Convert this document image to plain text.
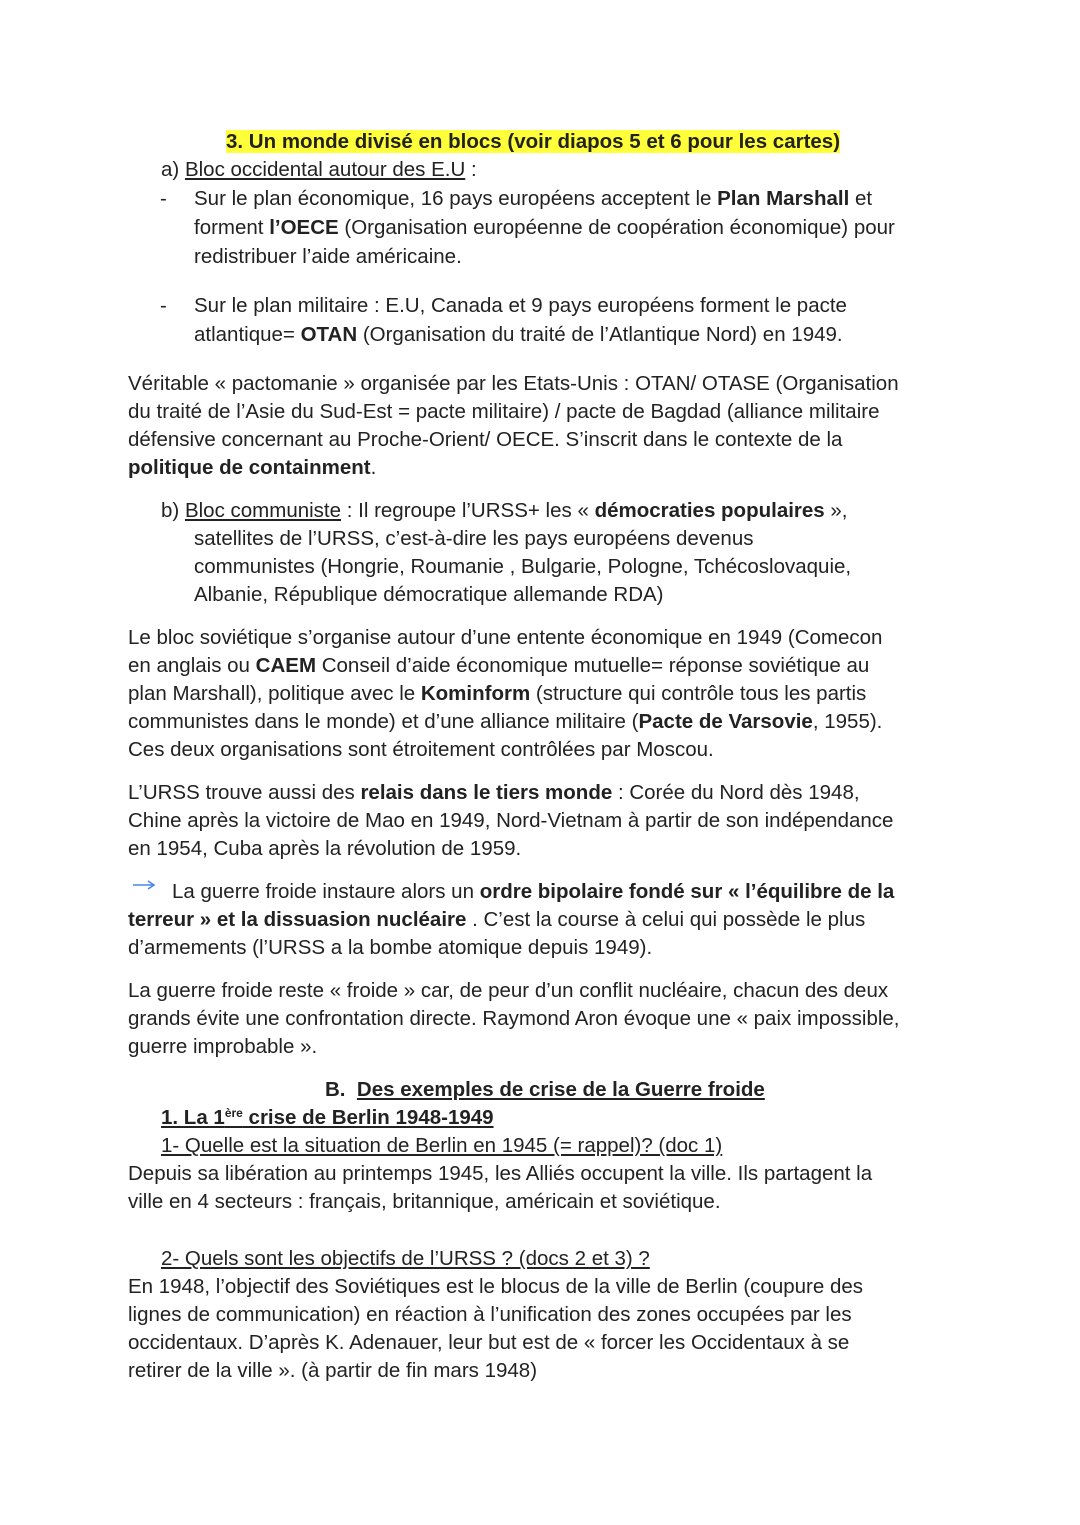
3. Un monde divisé en blocs (voir diapos 5 et 6 pour les cartes)
a) Bloc occidental autour des E.U :
- Sur le plan économique, 16 pays européens acceptent le Plan Marshall et
forment l’OECE (Organisation européenne de coopération économique) pour
redistribuer l’aide américaine.
- Sur le plan militaire : E.U, Canada et 9 pays européens forment le pacte
atlantique= OTAN (Organisation du traité de l’Atlantique Nord) en 1949.
Véritable « pactomanie » organisée par les Etats-Unis : OTAN/ OTASE (Organisation
du traité de l’Asie du Sud-Est = pacte militaire) / pacte de Bagdad (alliance militaire
défensive concernant au Proche-Orient/ OECE. S’inscrit dans le contexte de la
politique de containment.
b) Bloc communiste : Il regroupe l’URSS+ les « démocraties populaires »,
satellites de l’URSS, c’est-à-dire les pays européens devenus
communistes (Hongrie, Roumanie , Bulgarie, Pologne, Tchécoslovaquie,
Albanie, République démocratique allemande RDA)
Le bloc soviétique s’organise autour d’une entente économique en 1949 (Comecon
en anglais ou CAEM Conseil d’aide économique mutuelle= réponse soviétique au
plan Marshall), politique avec le Kominform (structure qui contrôle tous les partis
communistes dans le monde) et d’une alliance militaire (Pacte de Varsovie, 1955).
Ces deux organisations sont étroitement contrôlées par Moscou.
L’URSS trouve aussi des relais dans le tiers monde : Corée du Nord dès 1948,
Chine après la victoire de Mao en 1949, Nord-Vietnam à partir de son indépendance
en 1954, Cuba après la révolution de 1959.
La guerre froide instaure alors un ordre bipolaire fondé sur « l’équilibre de la
terreur » et la dissuasion nucléaire . C’est la course à celui qui possède le plus
d’armements (l’URSS a la bombe atomique depuis 1949).
La guerre froide reste « froide » car, de peur d’un conflit nucléaire, chacun des deux
grands évite une confrontation directe. Raymond Aron évoque une « paix impossible,
guerre improbable ».
B. Des exemples de crise de la Guerre froide
1. La 1ère crise de Berlin 1948-1949
1- Quelle est la situation de Berlin en 1945 (= rappel)? (doc 1)
Depuis sa libération au printemps 1945, les Alliés occupent la ville. Ils partagent la
ville en 4 secteurs : français, britannique, américain et soviétique.
2- Quels sont les objectifs de l’URSS ? (docs 2 et 3) ?
En 1948, l’objectif des Soviétiques est le blocus de la ville de Berlin (coupure des
lignes de communication) en réaction à l’unification des zones occupées par les
occidentaux. D’après K. Adenauer, leur but est de « forcer les Occidentaux à se
retirer de la ville ». (à partir de fin mars 1948)
